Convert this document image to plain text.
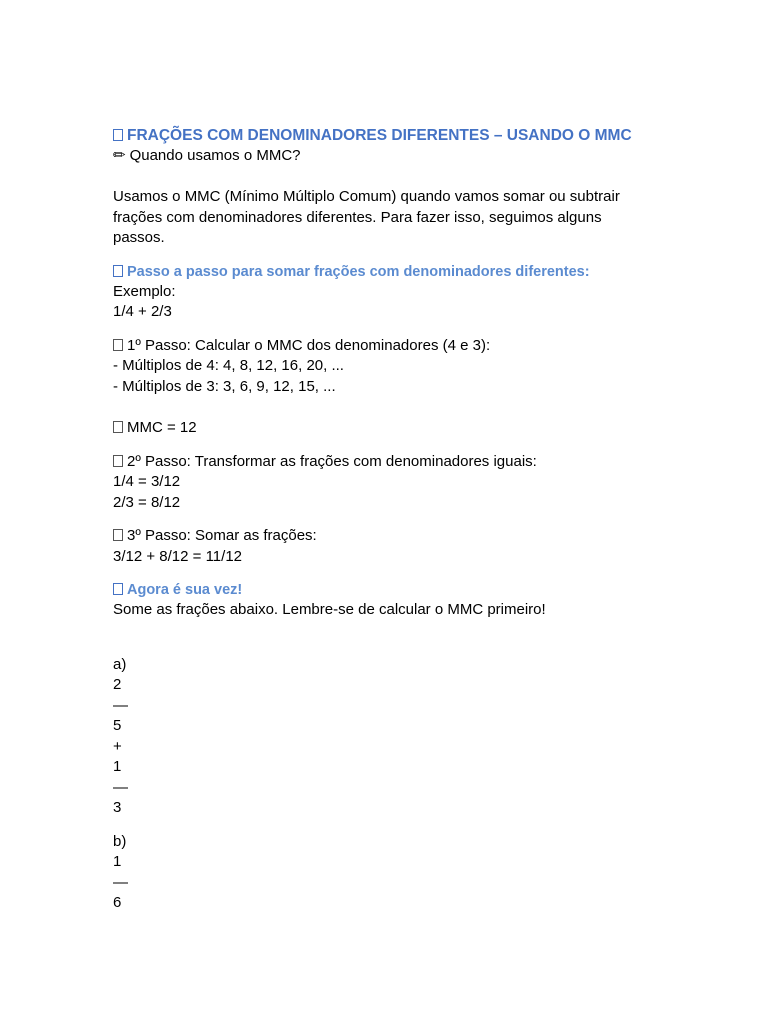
FRAÇÕES COM DENOMINADORES DIFERENTES – USANDO O MMC

✏ Quando usamos o MMC?

Usamos o MMC (Mínimo Múltiplo Comum) quando vamos somar ou subtrair
frações com denominadores diferentes. Para fazer isso, seguimos alguns
passos.

Passo a passo para somar frações com denominadores diferentes:

Exemplo:
1/4 + 2/3
1º Passo: Calcular o MMC dos denominadores (4 e 3):
- Múltiplos de 4: 4, 8, 12, 16, 20, ...
- Múltiplos de 3: 3, 6, 9, 12, 15, ...
MMC = 12
2º Passo: Transformar as frações com denominadores iguais:
1/4 = 3/12
2/3 = 8/12
3º Passo: Somar as frações:
3/12 + 8/12 = 11/12

Agora é sua vez!

Some as frações abaixo. Lembre-se de calcular o MMC primeiro!
a)
2
—
5
+
1
—
3
b)
1
—
6
